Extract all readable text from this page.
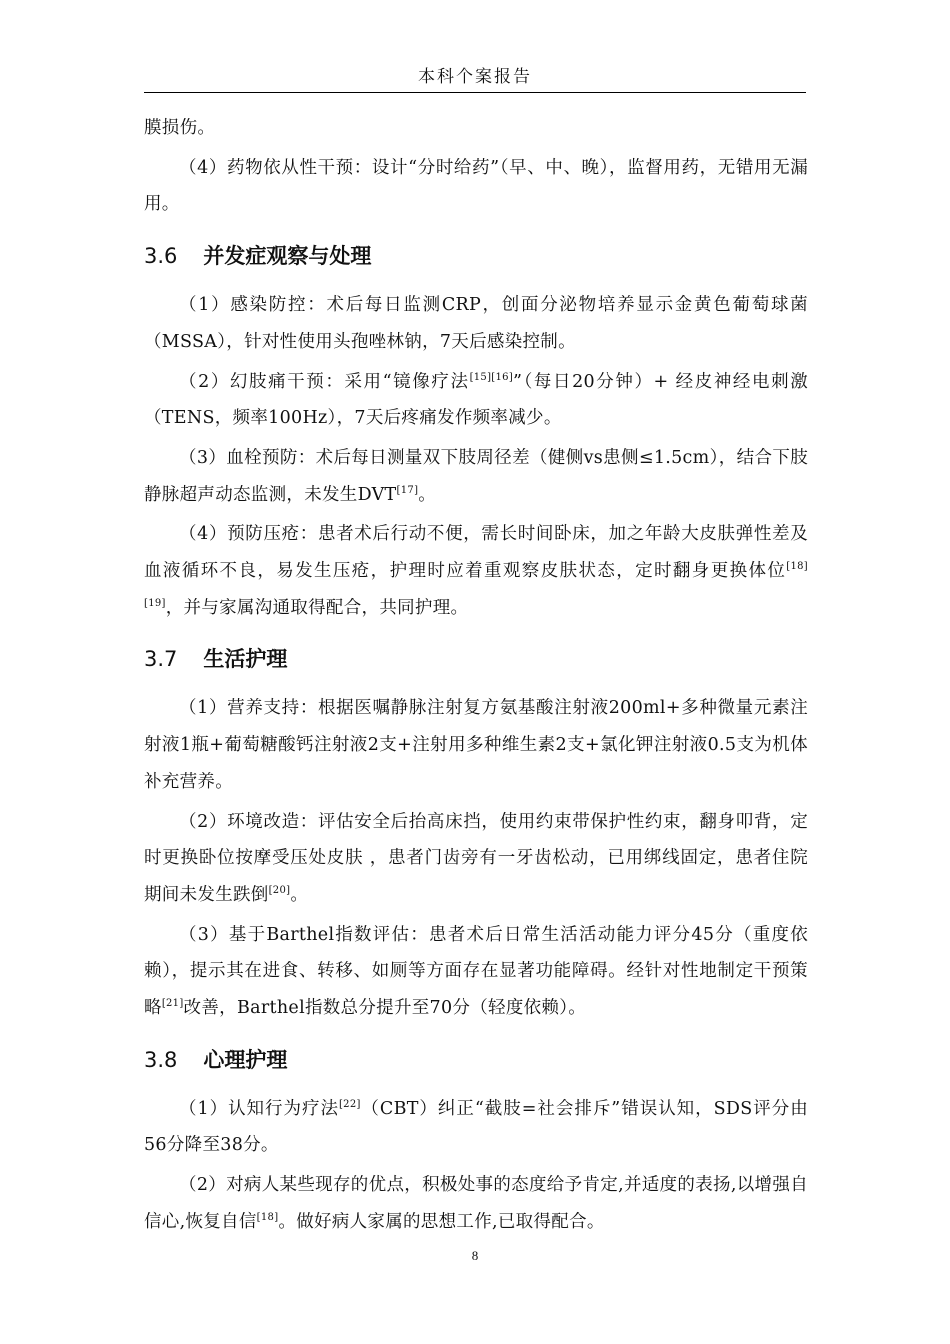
本科个案报告

膜损伤。

（4）药物依从性干预：设计“分时给药”（早、中、晚），监督用药，无错用无漏用。

3.6 并发症观察与处理

（1）感染防控：术后每日监测CRP，创面分泌物培养显示金黄色葡萄球菌（MSSA），针对性使用头孢唑林钠，7天后感染控制。

（2）幻肢痛干预：采用“镜像疗法[15][16]”（每日20分钟）+ 经皮神经电刺激（TENS，频率100Hz），7天后疼痛发作频率减少。

（3）血栓预防：术后每日测量双下肢周径差（健侧vs患侧≤1.5cm），结合下肢静脉超声动态监测，未发生DVT[17]。

（4）预防压疮：患者术后行动不便，需长时间卧床，加之年龄大皮肤弹性差及血液循环不良，易发生压疮，护理时应着重观察皮肤状态，定时翻身更换体位[18][19]，并与家属沟通取得配合，共同护理。

3.7 生活护理

（1）营养支持：根据医嘱静脉注射复方氨基酸注射液200ml+多种微量元素注射液1瓶+葡萄糖酸钙注射液2支+注射用多种维生素2支+氯化钾注射液0.5支为机体补充营养。

（2）环境改造：评估安全后抬高床挡，使用约束带保护性约束，翻身叩背，定时更换卧位按摩受压处皮肤 ，患者门齿旁有一牙齿松动，已用绑线固定，患者住院期间未发生跌倒[20]。

（3）基于Barthel指数评估：患者术后日常生活活动能力评分45分（重度依赖），提示其在进食、转移、如厕等方面存在显著功能障碍。经针对性地制定干预策略[21]改善，Barthel指数总分提升至70分（轻度依赖）。

3.8 心理护理

（1）认知行为疗法[22]（CBT）纠正“截肢=社会排斥”错误认知，SDS评分由56分降至38分。

（2）对病人某些现存的优点，积极处事的态度给予肯定,并适度的表扬,以增强自信心,恢复自信[18]。做好病人家属的思想工作,已取得配合。

8
